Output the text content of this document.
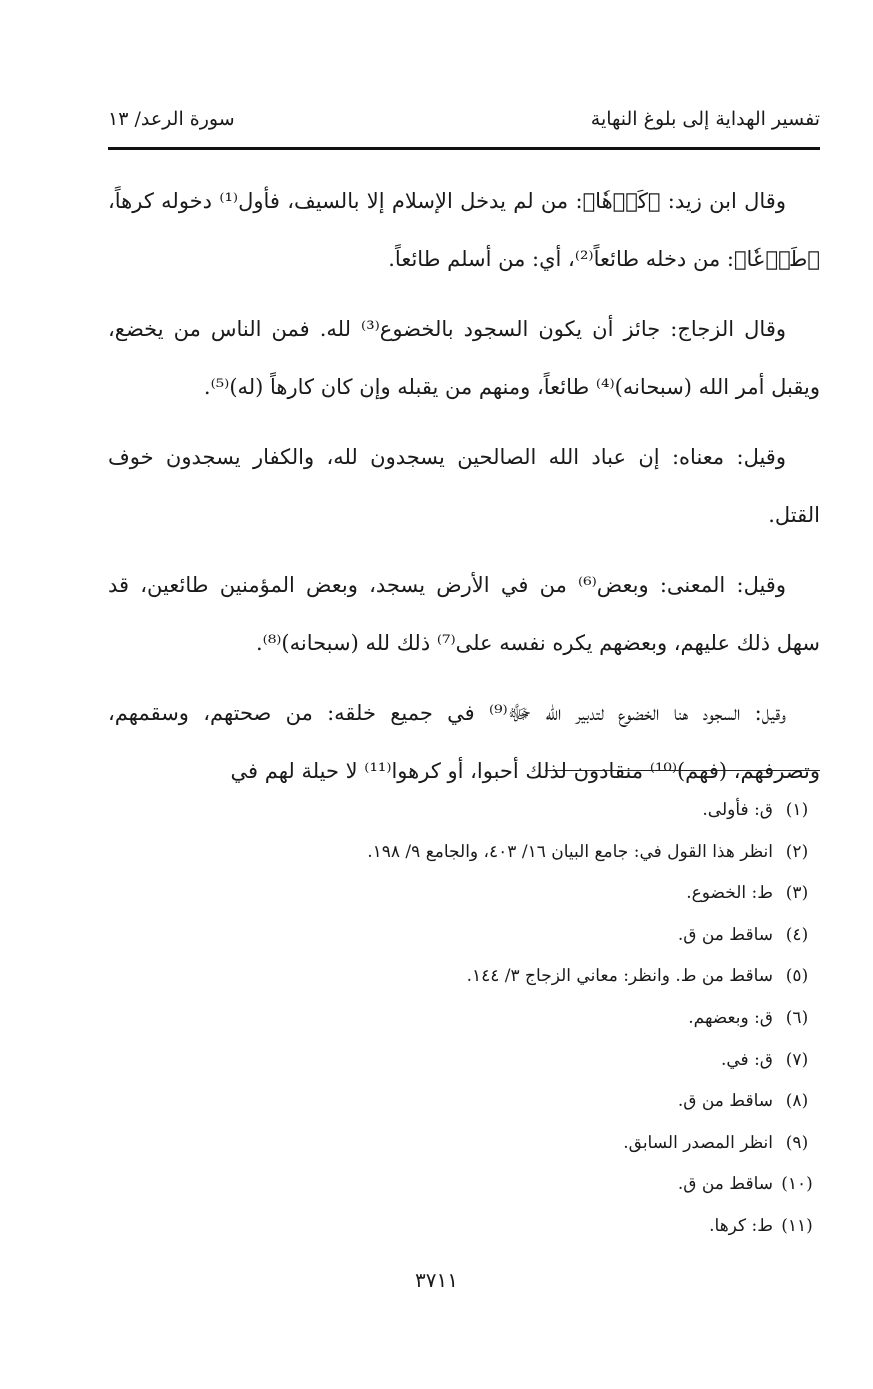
تفسير الهداية إلى بلوغ النهاية
سورة الرعد/ ١٣

وقال ابن زيد: ﴿كَرۡهٗا﴾: من لم يدخل الإسلام إلا بالسيف، فأول⁽¹⁾ دخوله كرهاً، ﴿طَوۡعٗا﴾: من دخله طائعاً⁽²⁾، أي: من أسلم طائعاً.

وقال الزجاج: جائز أن يكون السجود بالخضوع⁽³⁾ لله. فمن الناس من يخضع، ويقبل أمر الله (سبحانه)⁽⁴⁾ طائعاً، ومنهم من يقبله وإن كان كارهاً (له)⁽⁵⁾.

وقيل: معناه: إن عباد الله الصالحين يسجدون لله، والكفار يسجدون خوف القتل.

وقيل: المعنى: وبعض⁽⁶⁾ من في الأرض يسجد، وبعض المؤمنين طائعين، قد سهل ذلك عليهم، وبعضهم يكره نفسه على⁽⁷⁾ ذلك لله (سبحانه)⁽⁸⁾.

وقيل: السجود هنا الخضوع لتدبير الله ﷻ⁽⁹⁾ في جميع خلقه: من صحتهم، وسقمهم، وتصرفهم، (فهم)⁽¹⁰⁾ منقادون لذلك أحبوا، أو كرهوا⁽¹¹⁾ لا حيلة لهم في

(١)ق: فأولى.
(٢)انظر هذا القول في: جامع البيان ١٦/ ٤٠٣، والجامع ٩/ ١٩٨.
(٣)ط: الخضوع.
(٤)ساقط من ق.
(٥)ساقط من ط. وانظر: معاني الزجاج ٣/ ١٤٤.
(٦)ق: وبعضهم.
(٧)ق: في.
(٨)ساقط من ق.
(٩)انظر المصدر السابق.
(١٠)ساقط من ق.
(١١)ط: كرها.
٣٧١١
